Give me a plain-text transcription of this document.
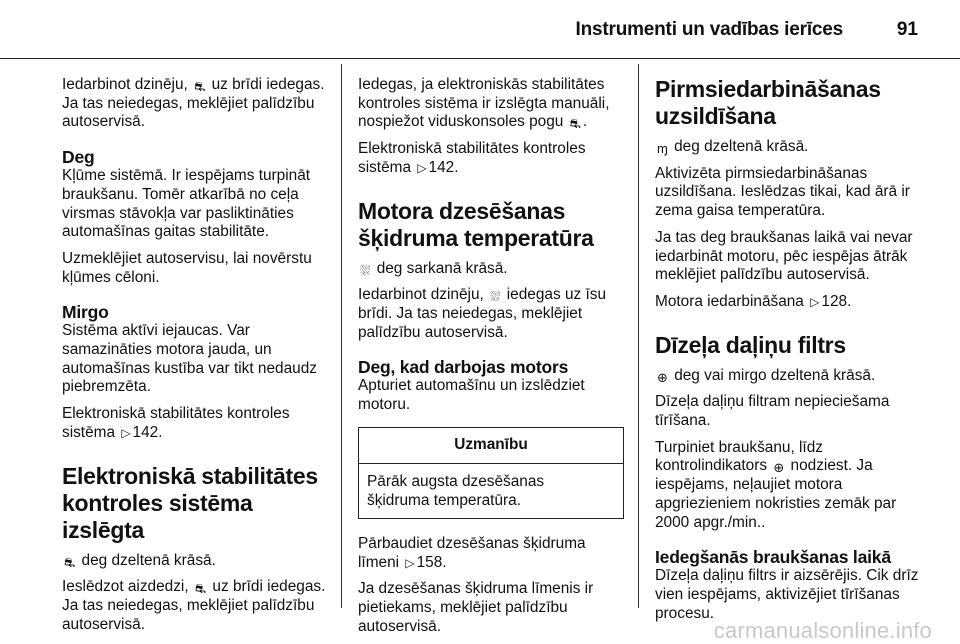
Instrumenti un vadības ierīces	91

Iedarbinot dzinēju, ⛐ uz brīdi iedegas. Ja tas neiedegas, meklējiet palīdzību autoservisā.

Deg

Kļūme sistēmā. Ir iespējams turpināt braukšanu. Tomēr atkarībā no ceļa virsmas stāvokļa var pasliktināties automašīnas gaitas stabilitāte.

Uzmeklējiet autoservisu, lai novērstu kļūmes cēloni.

Mirgo

Sistēma aktīvi iejaucas. Var samazināties motora jauda, un automašīnas kustība var tikt nedaudz piebremzēta.

Elektroniskā stabilitātes kontroles sistēma ▷ 142.

Elektroniskā stabilitātes
kontroles sistēma izslēgta

⛐ deg dzeltenā krāsā.

Ieslēdzot aizdedzi, ⛐ uz brīdi iedegas. Ja tas neiedegas, meklējiet palīdzību autoservisā.

Iedegas, ja elektroniskās stabilitātes kontroles sistēma ir izslēgta manuāli, nospiežot viduskonsoles pogu ⛐ .

Elektroniskā stabilitātes kontroles sistēma ▷ 142.

Motora dzesēšanas
šķidruma temperatūra

⛆ deg sarkanā krāsā.

Iedarbinot dzinēju, ⛆ iedegas uz īsu brīdi. Ja tas neiedegas, meklējiet palīdzību autoservisā.

Deg, kad darbojas motors

Apturiet automašīnu un izslēdziet motoru.

Uzmanību
Pārāk augsta dzesēšanas
šķidruma temperatūra.

Pārbaudiet dzesēšanas šķidruma līmeni ▷ 158.

Ja dzesēšanas šķidruma līmenis ir pietiekams, meklējiet palīdzību autoservisā.

Pirmsiedarbināšanas
uzsildīšana

ɱ deg dzeltenā krāsā.

Aktivizēta pirmsiedarbināšanas uzsildīšana. Ieslēdzas tikai, kad ārā ir zema gaisa temperatūra.

Ja tas deg braukšanas laikā vai nevar iedarbināt motoru, pēc iespējas ātrāk meklējiet palīdzību autoservisā.

Motora iedarbināšana ▷ 128.

Dīzeļa daļiņu filtrs

⊕ deg vai mirgo dzeltenā krāsā.

Dīzeļa daļiņu filtram nepieciešama tīrīšana.

Turpiniet braukšanu, līdz kontrolindikators ⊕ nodziest. Ja iespējams, neļaujiet motora apgriezieniem nokristies zemāk par 2000 apgr./min..

Iedegšanās braukšanas laikā

Dīzeļa daļiņu filtrs ir aizsērējis. Cik drīz vien iespējams, aktivizējiet tīrīšanas procesu.

carmanualsonline.info
